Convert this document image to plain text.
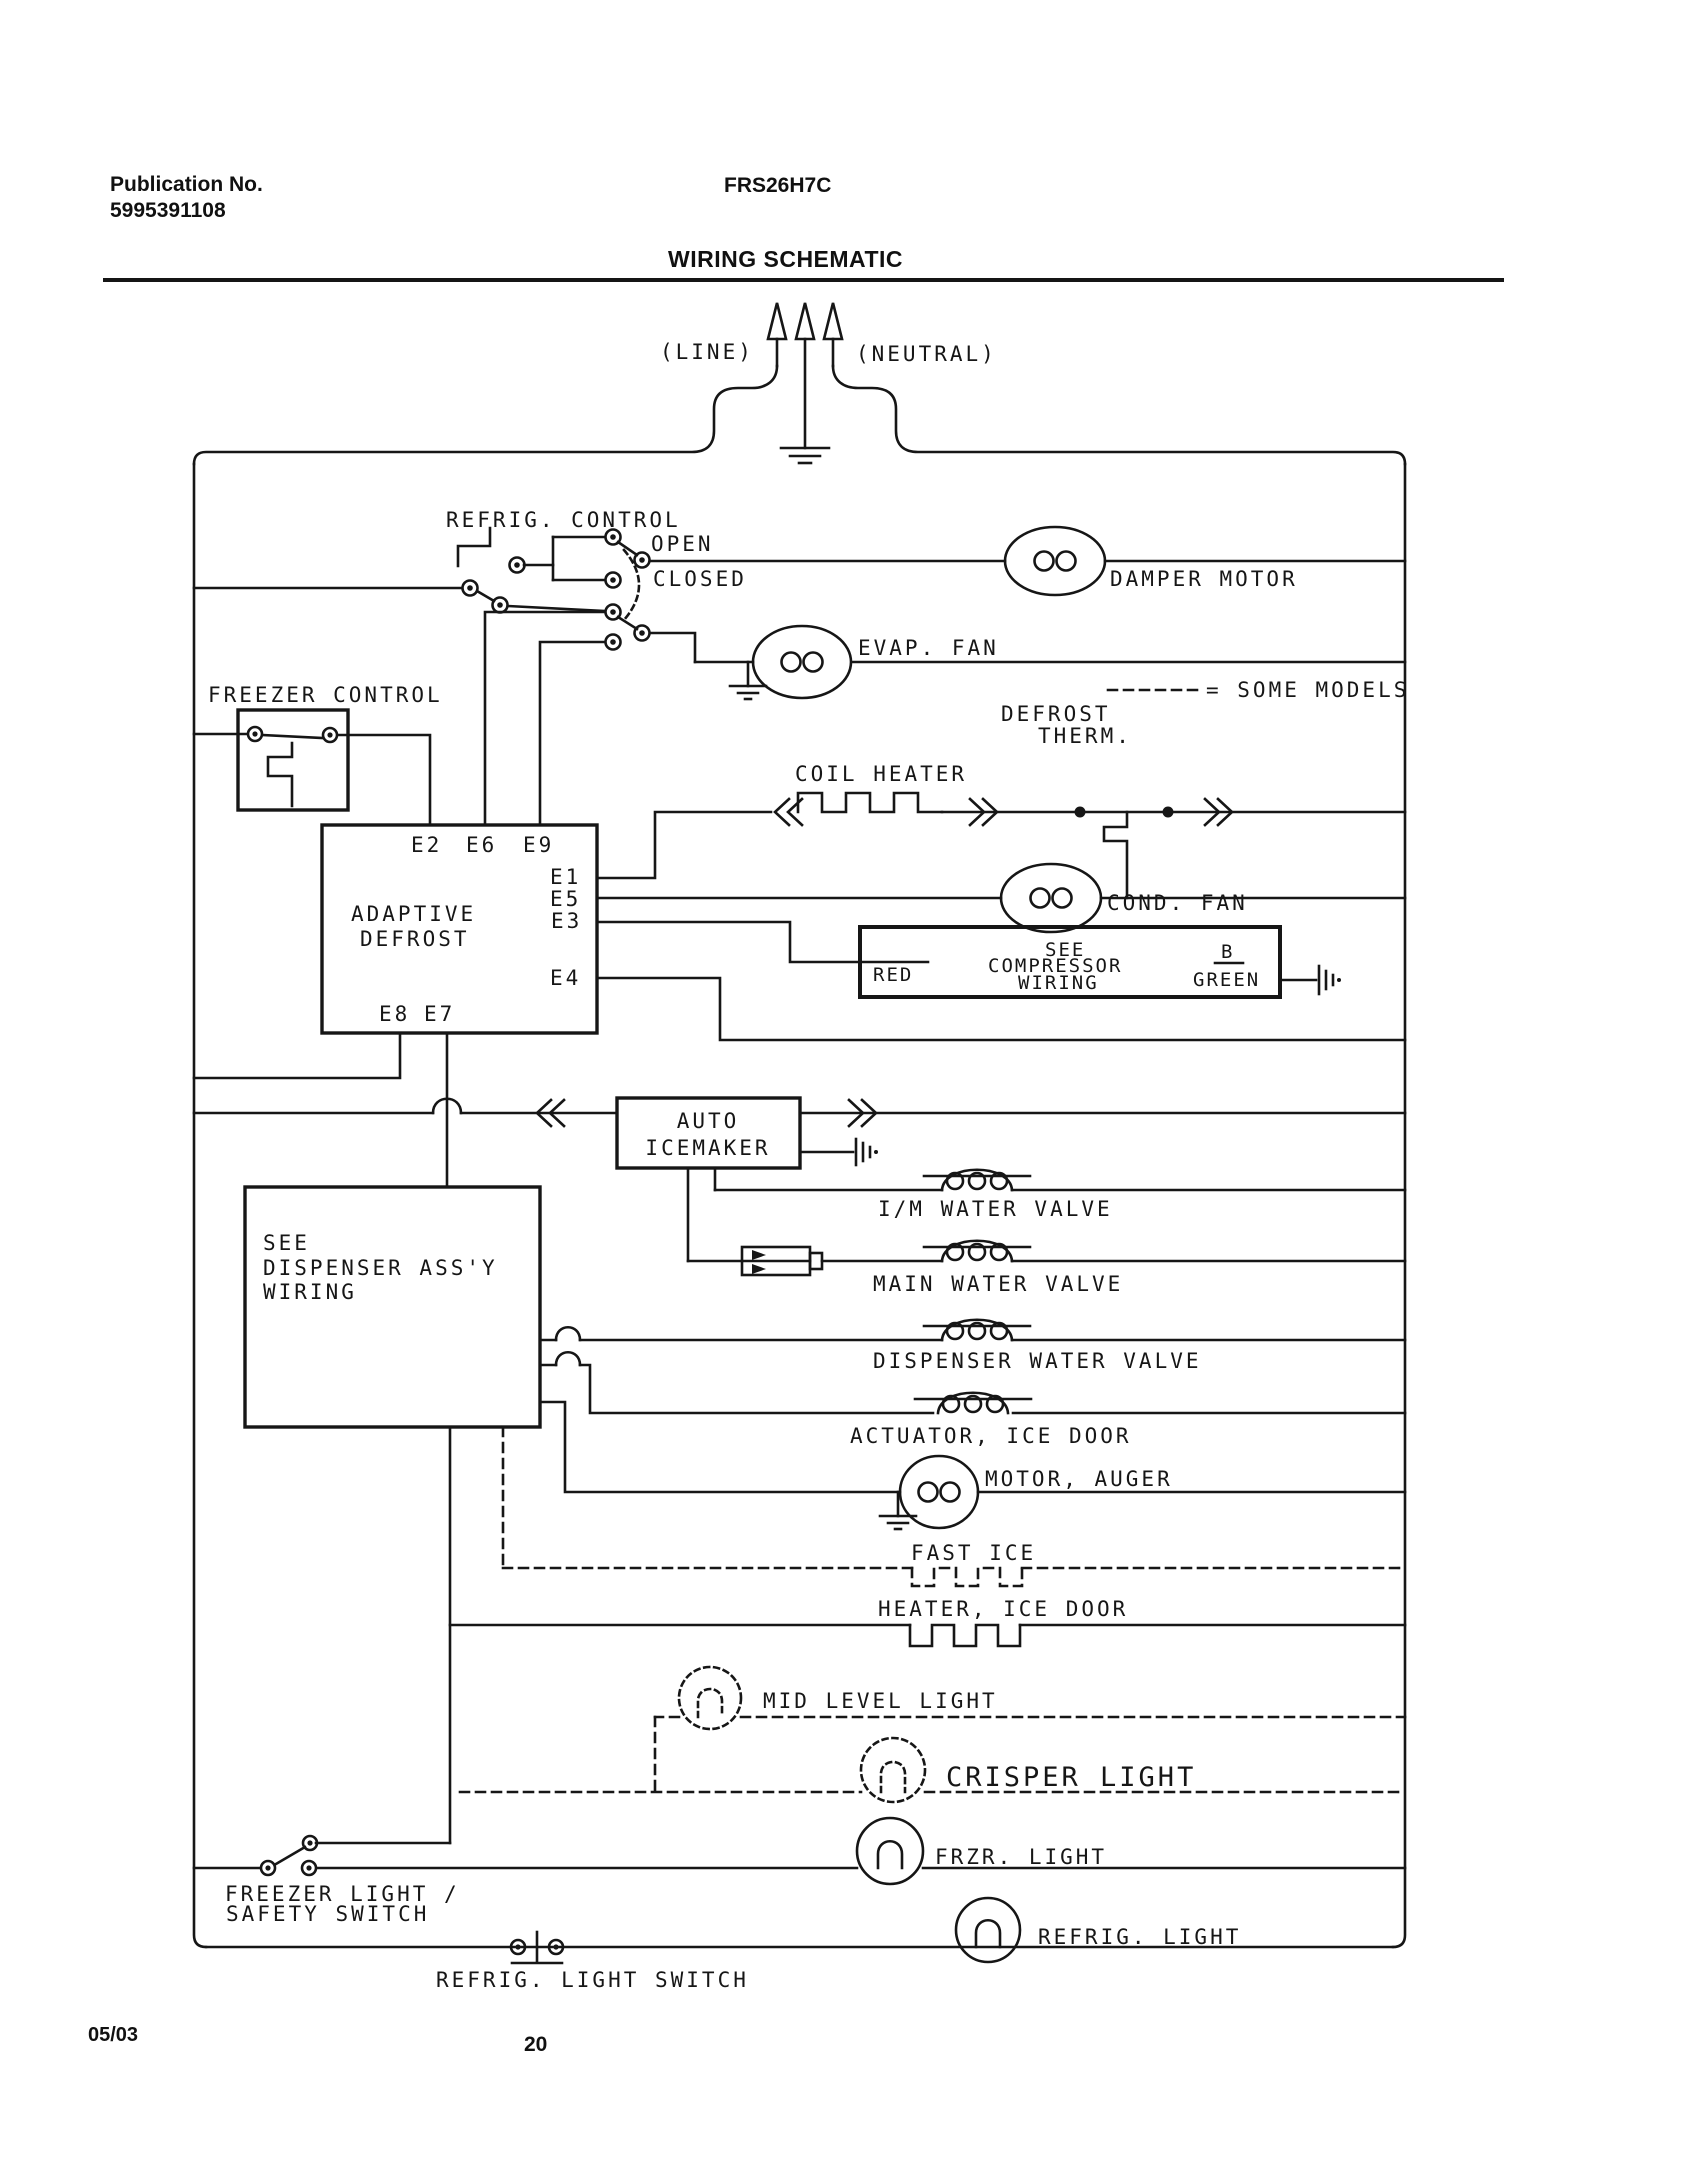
Publication No.
5995391108
FRS26H7C
WIRING SCHEMATIC
05/03	20
(LINE)	(NEUTRAL)
REFRIG. CONTROL
OPEN
CLOSED	DAMPER MOTOR
EVAP. FAN
= SOME MODELS
FREEZER CONTROL
E2 E6 E9
ADAPTIVE
DEFROST
E1
E5
E3
E4
E8 E7
COIL HEATER
DEFROST
THERM.
COND. FAN
RED
SEE
COMPRESSOR
WIRING
B
GREEN
AUTO
ICEMAKER
I/M WATER VALVE
MAIN WATER VALVE
DISPENSER WATER VALVE
ACTUATOR, ICE DOOR
MOTOR, AUGER
SEE
DISPENSER ASS'Y
WIRING
FAST ICE
HEATER, ICE DOOR
MID LEVEL LIGHT
CRISPER LIGHT
FREEZER LIGHT /
SAFETY SWITCH
FRZR. LIGHT
REFRIG. LIGHT
REFRIG. LIGHT SWITCH
